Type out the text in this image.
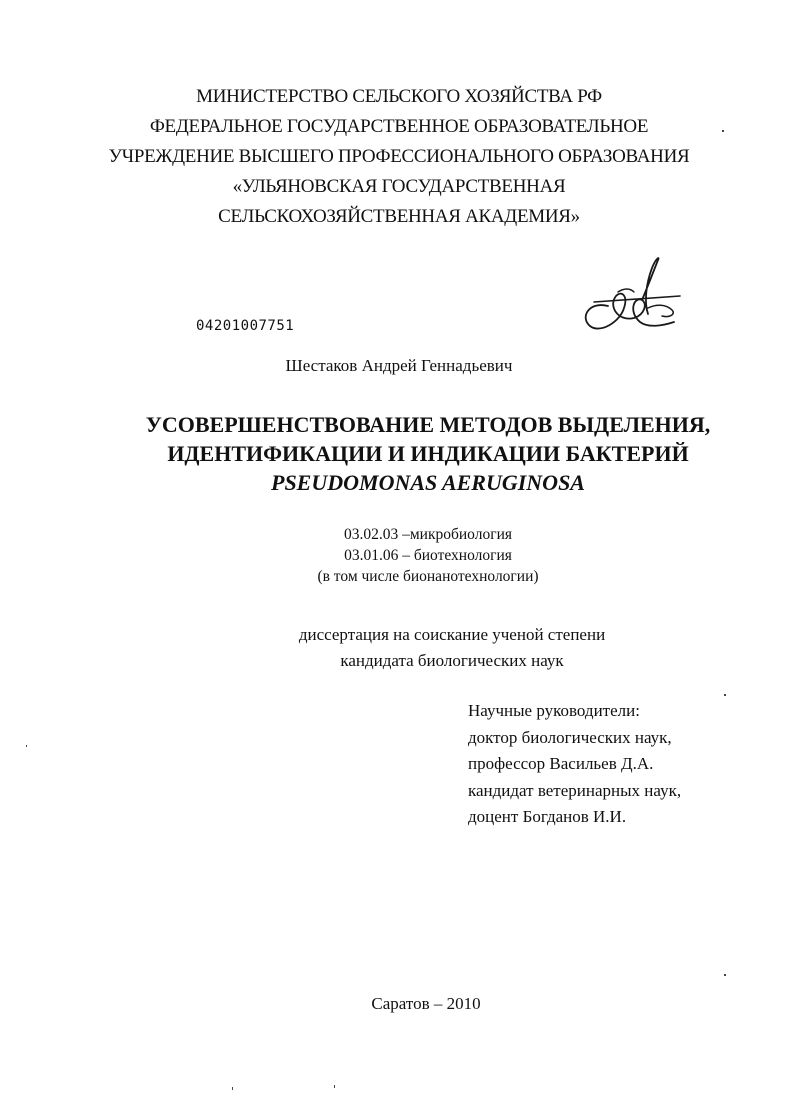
МИНИСТЕРСТВО СЕЛЬСКОГО ХОЗЯЙСТВА РФ
ФЕДЕРАЛЬНОЕ ГОСУДАРСТВЕННОЕ ОБРАЗОВАТЕЛЬНОЕ
УЧРЕЖДЕНИЕ ВЫСШЕГО ПРОФЕССИОНАЛЬНОГО ОБРАЗОВАНИЯ
«УЛЬЯНОВСКАЯ ГОСУДАРСТВЕННАЯ
СЕЛЬСКОХОЗЯЙСТВЕННАЯ АКАДЕМИЯ»
04201007751
Шестаков Андрей Геннадьевич
УСОВЕРШЕНСТВОВАНИЕ МЕТОДОВ ВЫДЕЛЕНИЯ,
ИДЕНТИФИКАЦИИ И ИНДИКАЦИИ БАКТЕРИЙ
PSEUDOMONAS AERUGINOSA
03.02.03 –микробиология
03.01.06 – биотехнология
(в том числе бионанотехнологии)
диссертация на соискание ученой степени
кандидата биологических наук
Научные руководители:
доктор биологических наук,
профессор Васильев Д.А.
кандидат ветеринарных наук,
доцент Богданов И.И.
Саратов – 2010
